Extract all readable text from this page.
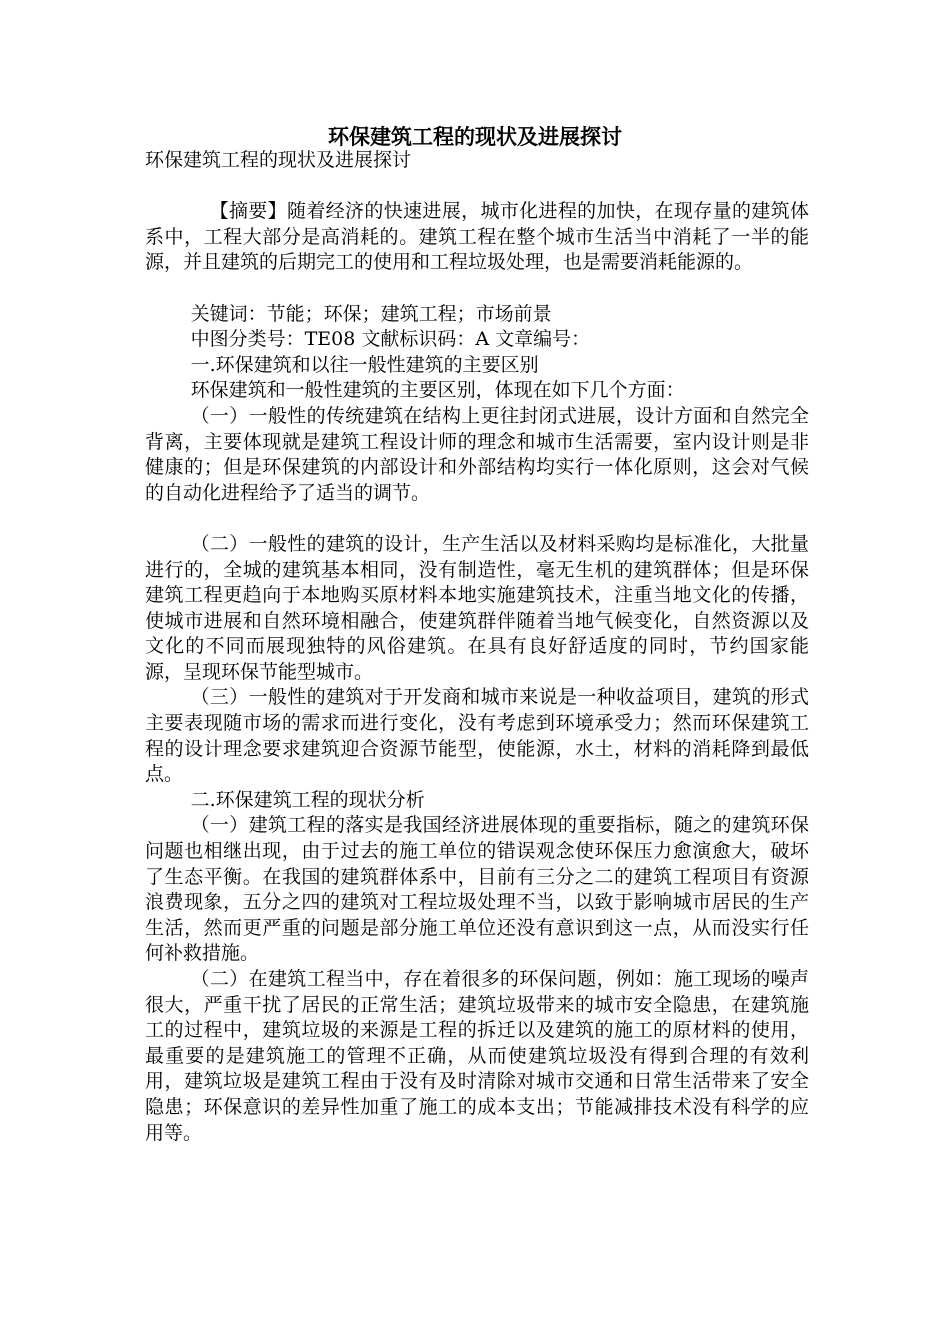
环保建筑工程的现状及进展探讨

环保建筑工程的现状及进展探讨

【摘要】随着经济的快速进展，城市化进程的加快，在现存量的建筑体系中，工程大部分是高消耗的。建筑工程在整个城市生活当中消耗了一半的能源，并且建筑的后期完工的使用和工程垃圾处理，也是需要消耗能源的。

关键词：节能；环保；建筑工程；市场前景

中图分类号：TE08 文献标识码：A 文章编号：

一.环保建筑和以往一般性建筑的主要区别

环保建筑和一般性建筑的主要区别，体现在如下几个方面：

（一）一般性的传统建筑在结构上更往封闭式进展，设计方面和自然完全背离，主要体现就是建筑工程设计师的理念和城市生活需要，室内设计则是非健康的；但是环保建筑的内部设计和外部结构均实行一体化原则，这会对气候的自动化进程给予了适当的调节。

（二）一般性的建筑的设计，生产生活以及材料采购均是标准化，大批量进行的，全城的建筑基本相同，没有制造性，毫无生机的建筑群体；但是环保建筑工程更趋向于本地购买原材料本地实施建筑技术，注重当地文化的传播，使城市进展和自然环境相融合，使建筑群伴随着当地气候变化，自然资源以及文化的不同而展现独特的风俗建筑。在具有良好舒适度的同时，节约国家能源，呈现环保节能型城市。

（三）一般性的建筑对于开发商和城市来说是一种收益项目，建筑的形式主要表现随市场的需求而进行变化，没有考虑到环境承受力；然而环保建筑工程的设计理念要求建筑迎合资源节能型，使能源，水土，材料的消耗降到最低点。

二.环保建筑工程的现状分析

（一）建筑工程的落实是我国经济进展体现的重要指标，随之的建筑环保问题也相继出现，由于过去的施工单位的错误观念使环保压力愈演愈大，破坏了生态平衡。在我国的建筑群体系中，目前有三分之二的建筑工程项目有资源浪费现象，五分之四的建筑对工程垃圾处理不当，以致于影响城市居民的生产生活，然而更严重的问题是部分施工单位还没有意识到这一点，从而没实行任何补救措施。

（二）在建筑工程当中，存在着很多的环保问题，例如：施工现场的噪声很大，严重干扰了居民的正常生活；建筑垃圾带来的城市安全隐患，在建筑施工的过程中，建筑垃圾的来源是工程的拆迁以及建筑的施工的原材料的使用，最重要的是建筑施工的管理不正确，从而使建筑垃圾没有得到合理的有效利用，建筑垃圾是建筑工程由于没有及时清除对城市交通和日常生活带来了安全隐患；环保意识的差异性加重了施工的成本支出；节能减排技术没有科学的应用等。
